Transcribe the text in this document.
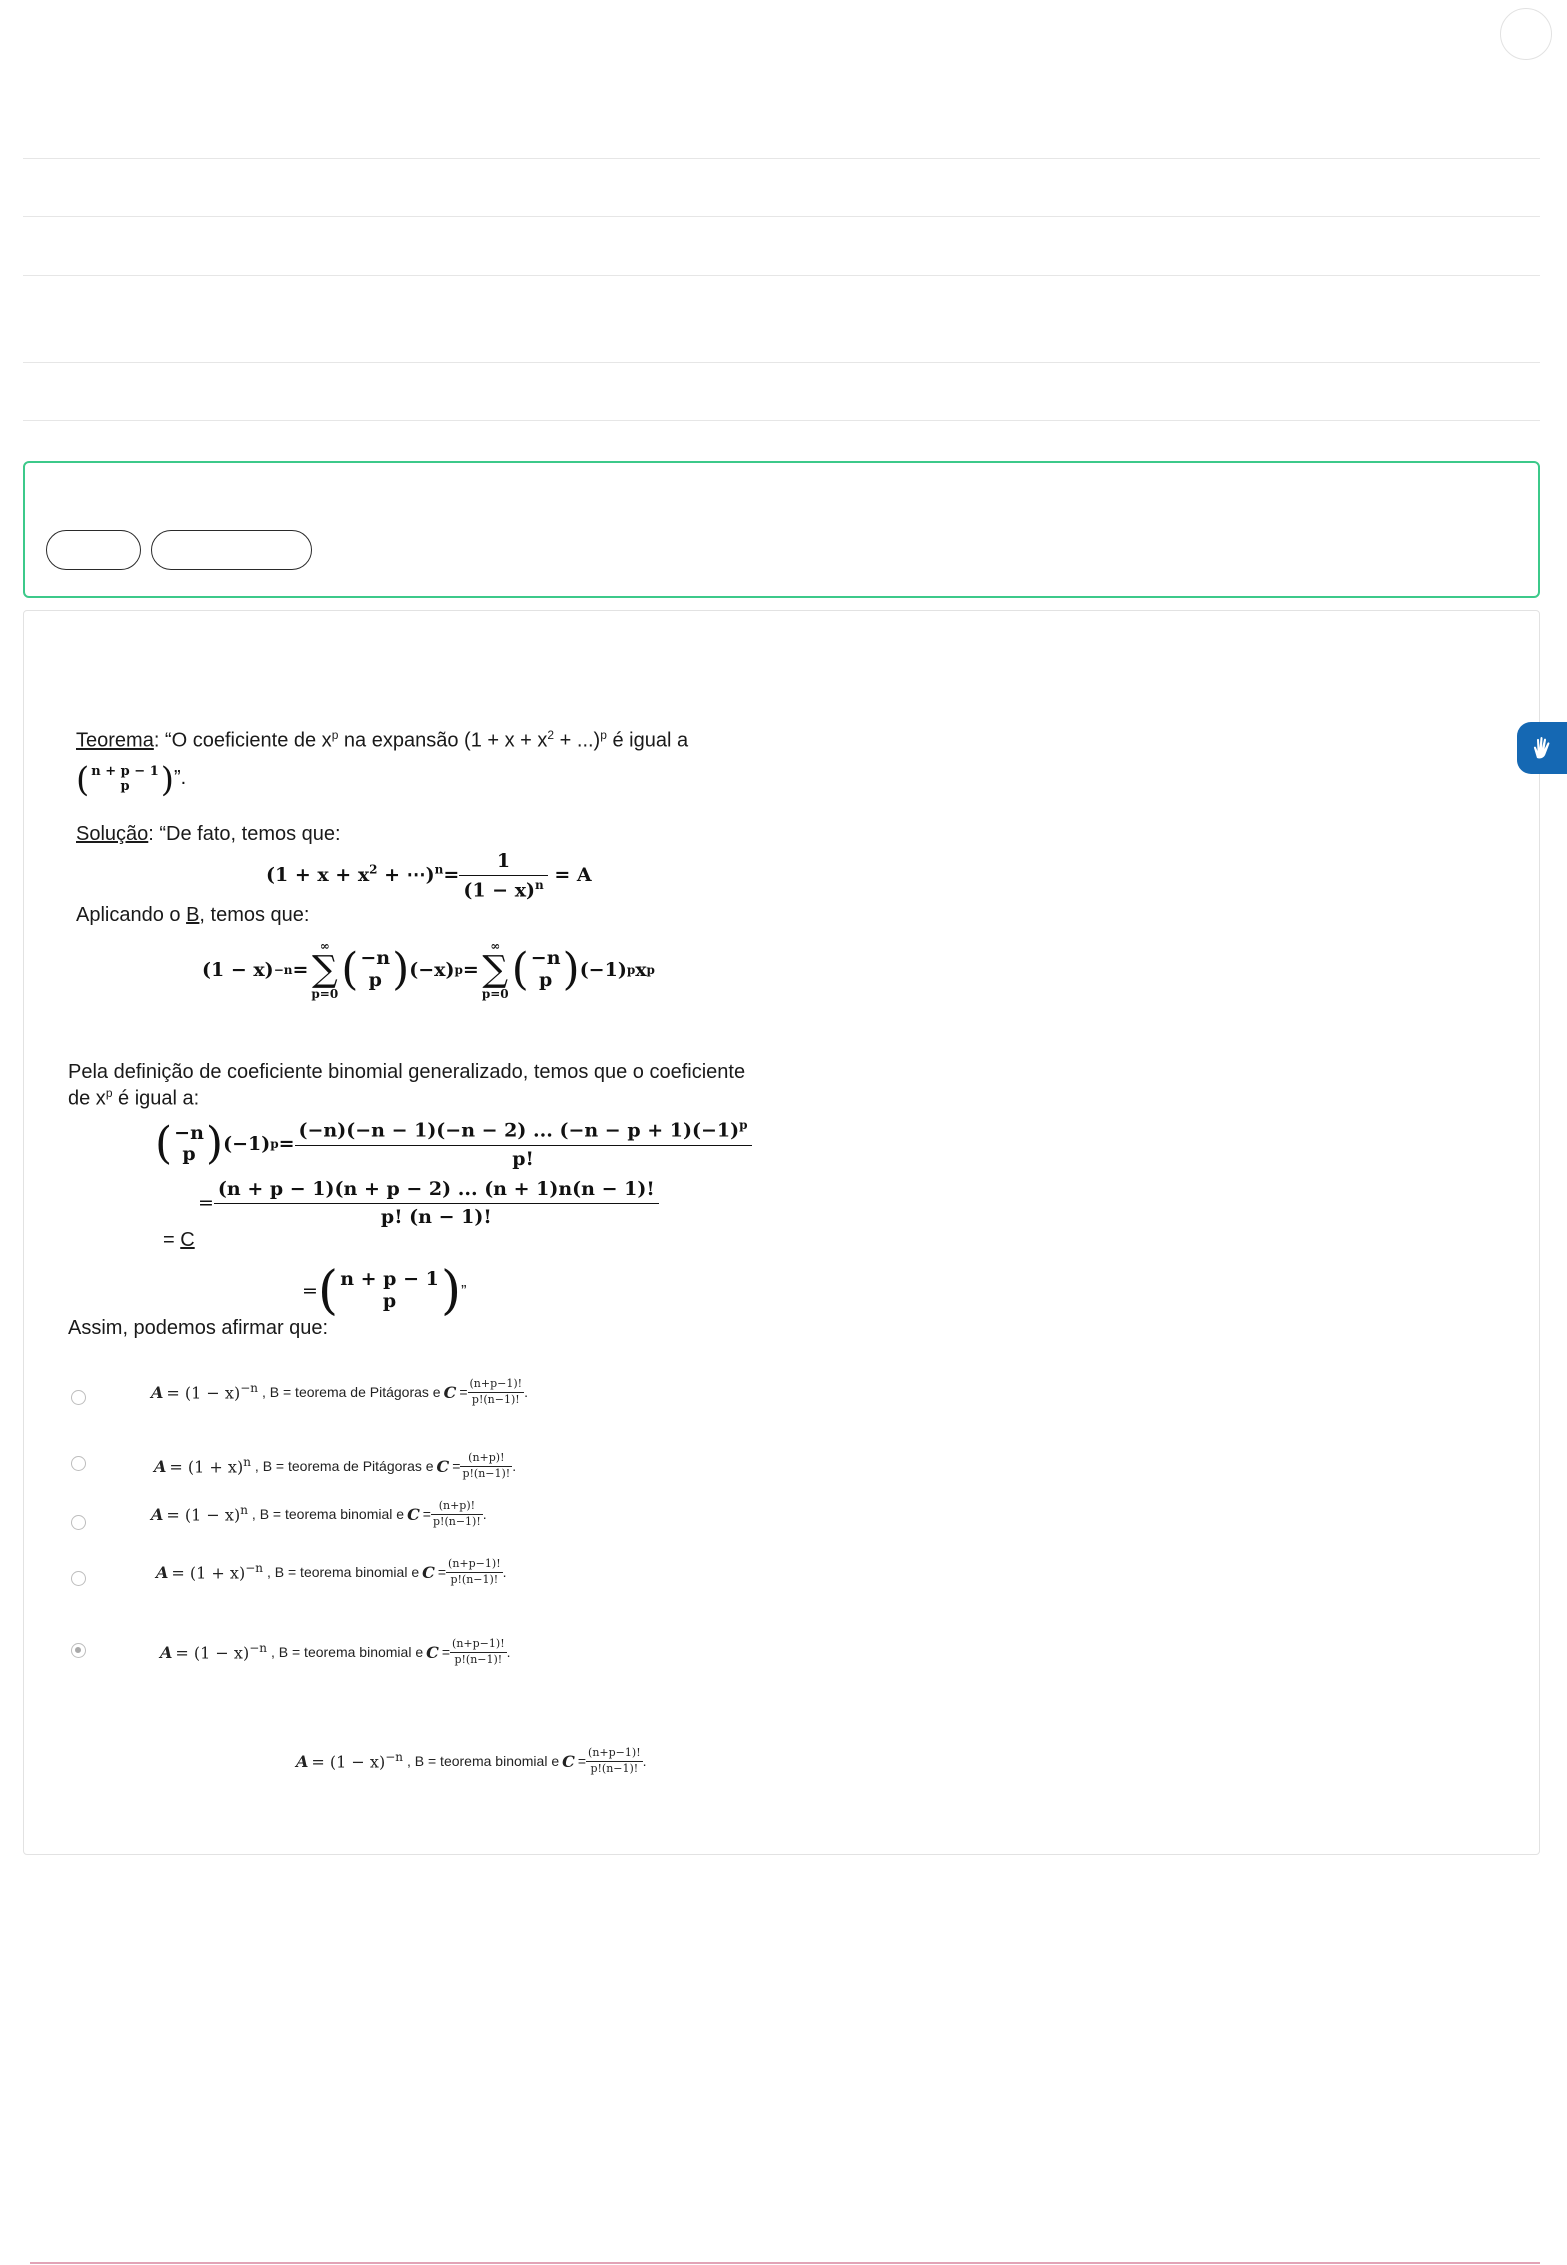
Teorema: “O coeficiente de $x^p$ na expansão $(1 + x + x^2 + ...)^p$ é igual a
( n + p − 1
p ) ”.
Solução: “De fato, temos que:
($1 + x + x^2$ + ⋯)$^n$= $\frac{1}{(1 - x)^n} = A$
Aplicando o B, temos que:
(1 − x) −n =
∞
∑
p=0 ( −n
p ) (−x) p =
∞
∑
p=0 ( −n
p ) (−1) p x p
Pela definição de coeficiente binomial generalizado, temos que o coeficiente
de $x^p$ é igual a:
( −n
p ) (−1) $p = \frac{(-n)(-n - 1)(-n - 2) ... (-n - p + 1)(-1)^p}{p!}$
= $\frac{(n + p - 1)(n + p - 2) ... (n + 1)n(n - 1)!}{p! (n - 1)!}$
= C
= ( n + p − 1
p ) ”
Assim, podemos afirmar que:
$A = (1 - x)^{-n}$ , B = teorema de Pitágoras e $C = \frac{(n+p-1)!}{p!(n-1)!}$ .
$A = (1 + x)^n$ , B = teorema de Pitágoras e $C = \frac{(n+p)!}{p!(n-1)!}$ .
$A = (1 - x)^n$ , B = teorema binomial e $C = \frac{(n+p)!}{p!(n-1)!}$ .
$A = (1 + x)^{-n}$ , B = teorema binomial e $C = \frac{(n+p-1)!}{p!(n-1)!}$ .
$A = (1 - x)^{-n}$ , B = teorema binomial e $C = \frac{(n+p-1)!}{p!(n-1)!}$ .
$A = (1 - x)^{-n}$ , B = teorema binomial e $C = \frac{(n+p-1)!}{p!(n-1)!}$ .
